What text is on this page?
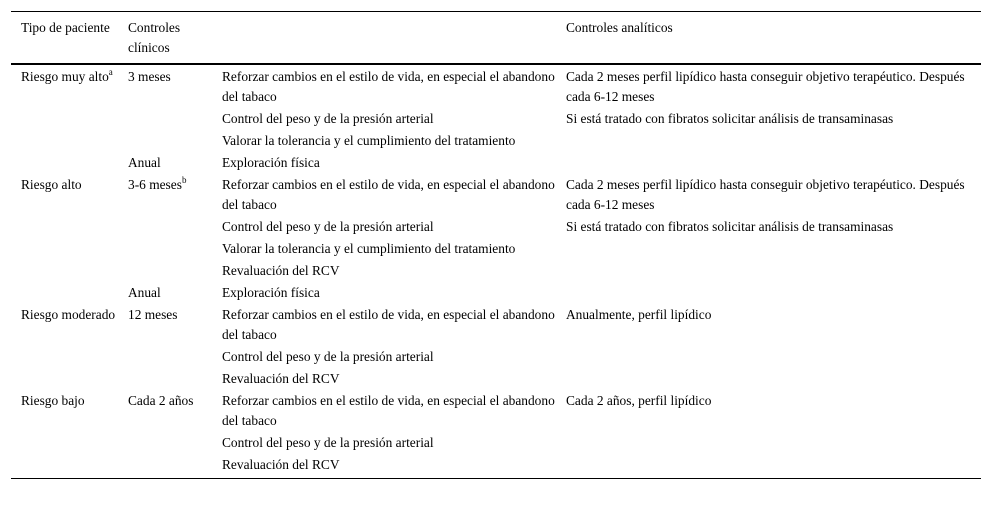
Tipo de paciente	Controles clínicos		Controles analíticos
Riesgo muy alto$^a$	3 meses	Reforzar cambios en el estilo de vida, en especial el abandono del tabaco	Cada 2 meses perfil lipídico hasta conseguir objetivo terapéutico. Después cada 6-12 meses
		Control del peso y de la presión arterial	Si está tratado con fibratos solicitar análisis de transaminasas
		Valorar la tolerancia y el cumplimiento del tratamiento	
	Anual	Exploración física	
Riesgo alto	3-6 meses$^b$	Reforzar cambios en el estilo de vida, en especial el abandono del tabaco	Cada 2 meses perfil lipídico hasta conseguir objetivo terapéutico. Después cada 6-12 meses
		Control del peso y de la presión arterial	Si está tratado con fibratos solicitar análisis de transaminasas
		Valorar la tolerancia y el cumplimiento del tratamiento	
		Revaluación del RCV	
	Anual	Exploración física	
Riesgo moderado	12 meses	Reforzar cambios en el estilo de vida, en especial el abandono del tabaco	Anualmente, perfil lipídico
		Control del peso y de la presión arterial	
		Revaluación del RCV	
Riesgo bajo	Cada 2 años	Reforzar cambios en el estilo de vida, en especial el abandono del tabaco	Cada 2 años, perfil lipídico
		Control del peso y de la presión arterial	
		Revaluación del RCV	
